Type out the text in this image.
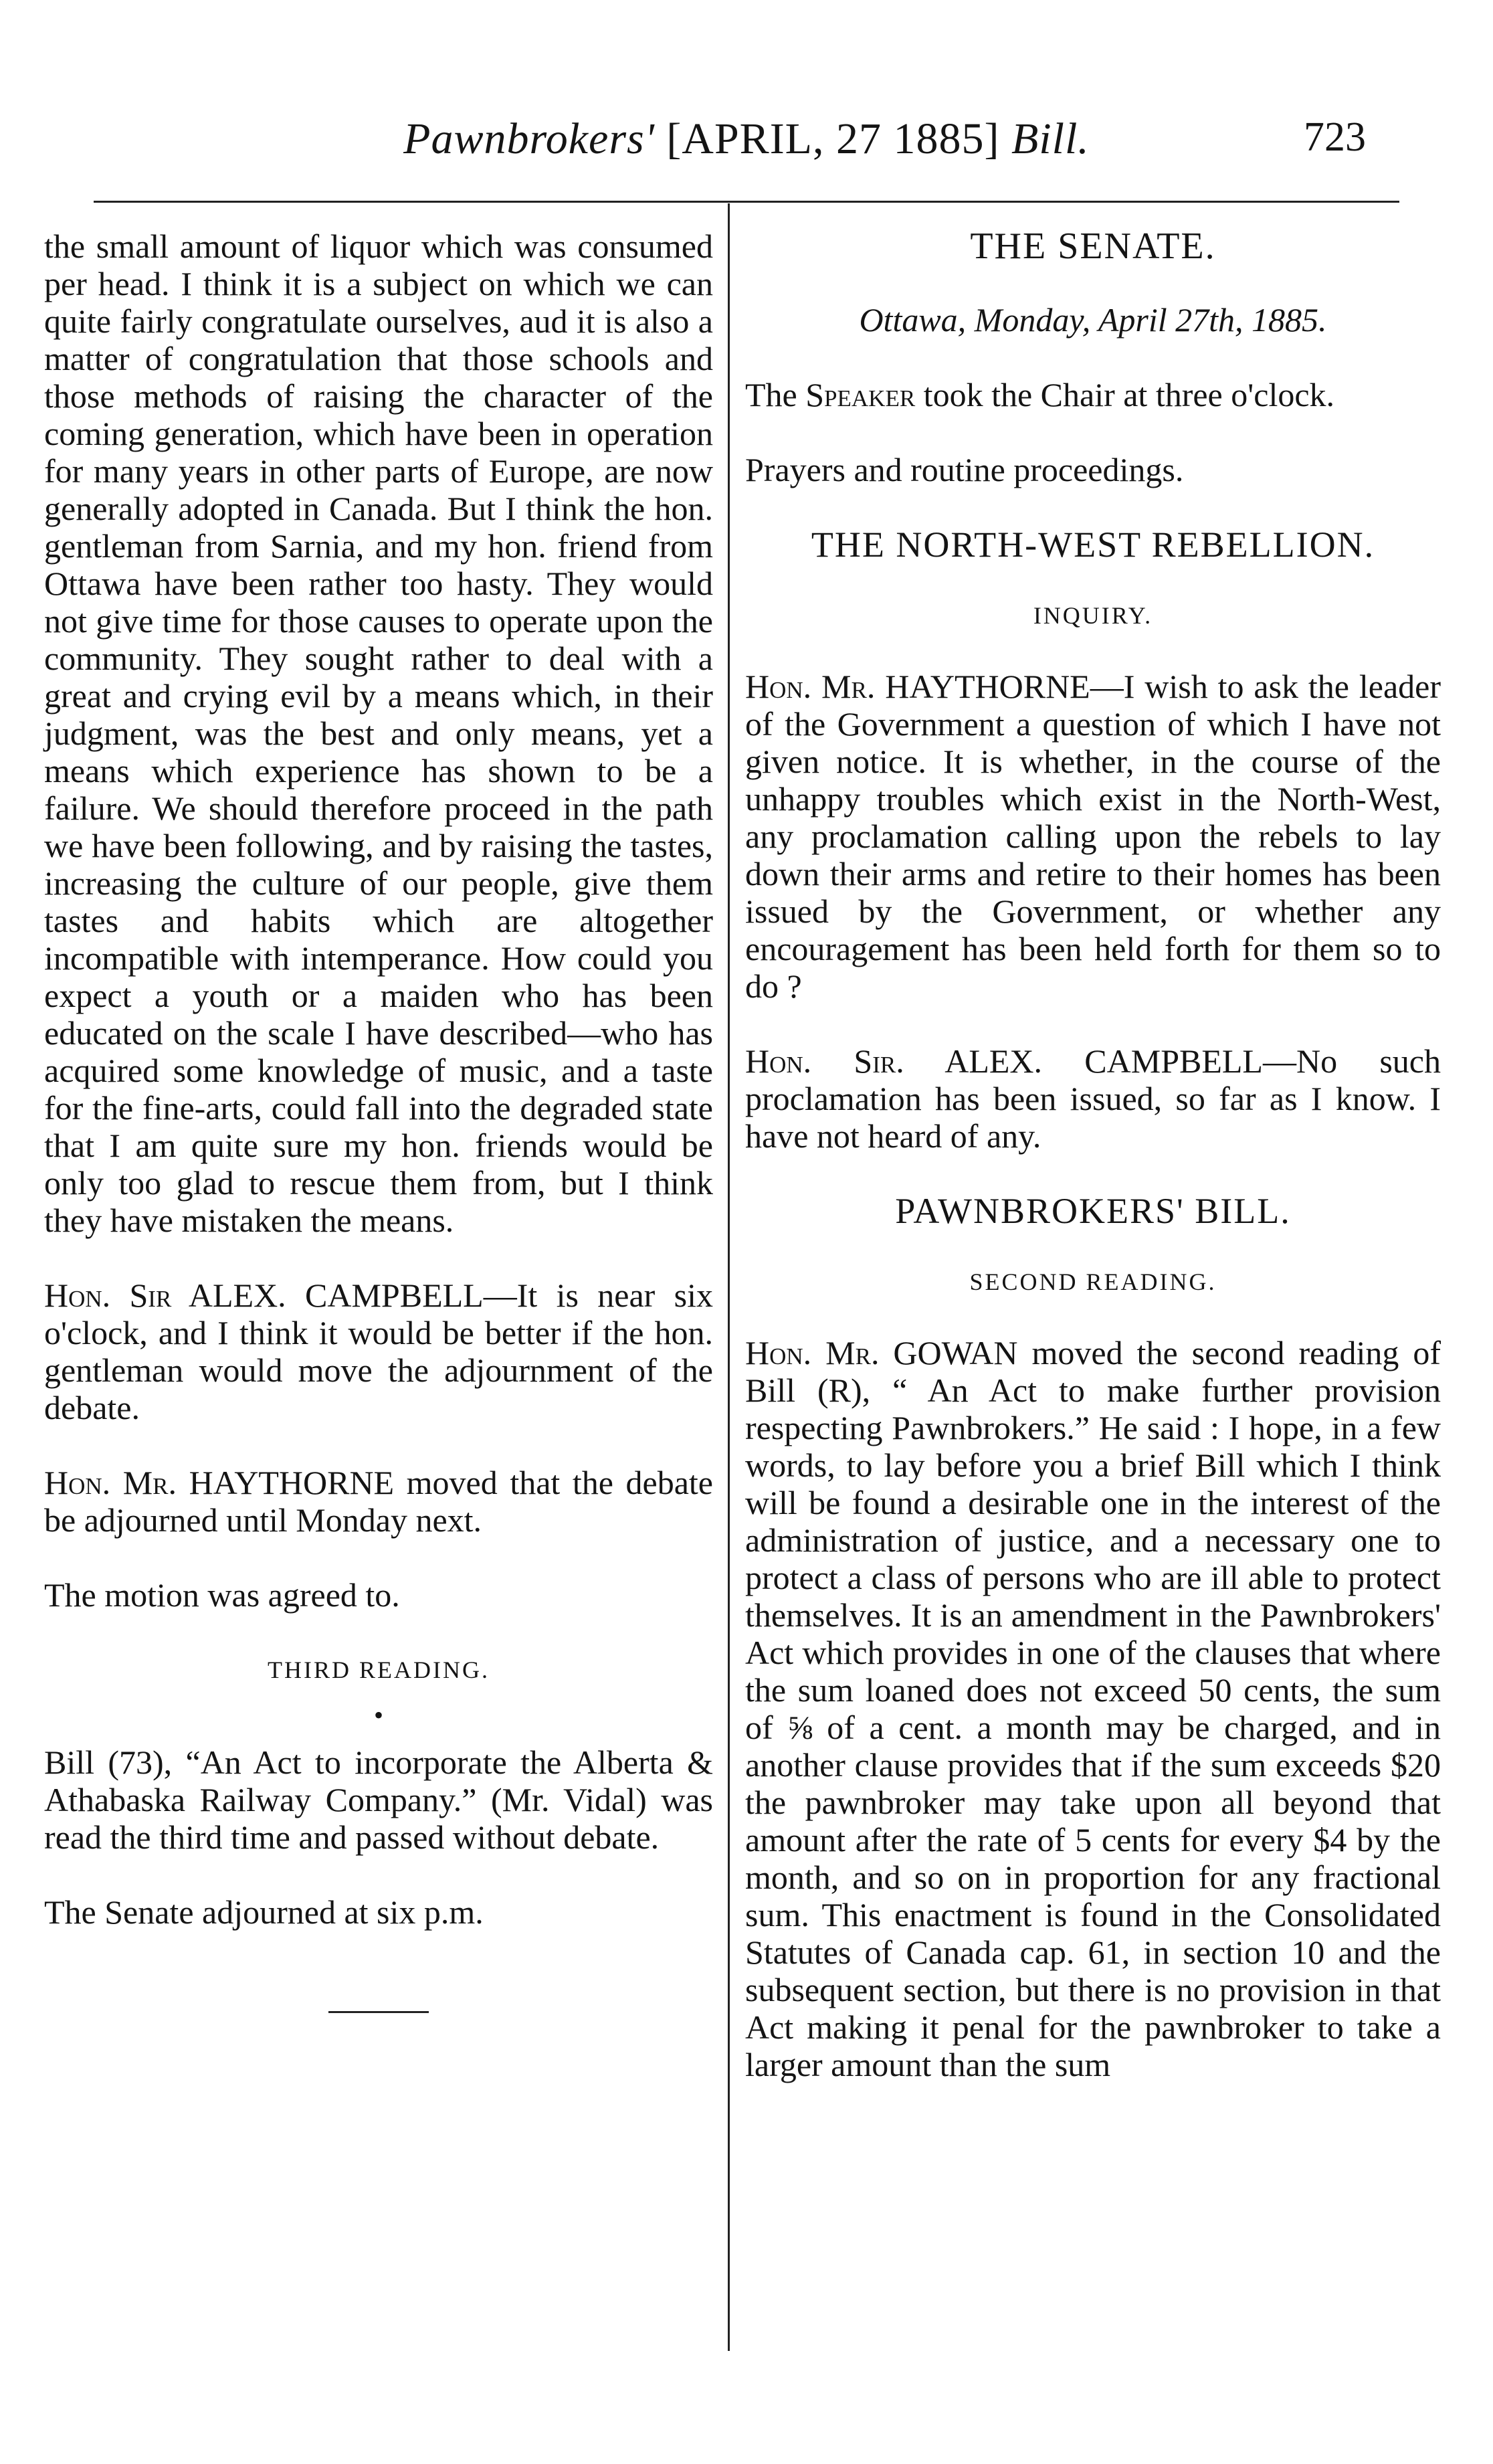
Pawnbrokers' [APRIL, 27 1885] Bill.	723

the small amount of liquor which was consumed per head. I think it is a subject on which we can quite fairly congratulate ourselves, aud it is also a matter of congratulation that those schools and those methods of raising the character of the coming generation, which have been in operation for many years in other parts of Europe, are now generally adopted in Canada. But I think the hon. gentleman from Sarnia, and my hon. friend from Ottawa have been rather too hasty. They would not give time for those causes to operate upon the community. They sought rather to deal with a great and crying evil by a means which, in their judgment, was the best and only means, yet a means which experience has shown to be a failure. We should therefore proceed in the path we have been following, and by raising the tastes, increasing the culture of our people, give them tastes and habits which are altogether incompatible with intemperance. How could you expect a youth or a maiden who has been educated on the scale I have described—who has acquired some knowledge of music, and a taste for the fine-arts, could fall into the degraded state that I am quite sure my hon. friends would be only too glad to rescue them from, but I think they have mistaken the means.

Hon. Sir ALEX. CAMPBELL—It is near six o'clock, and I think it would be better if the hon. gentleman would move the adjournment of the debate.

Hon. Mr. HAYTHORNE moved that the debate be adjourned until Monday next.

The motion was agreed to.

THIRD READING.
•

Bill (73), “An Act to incorporate the Alberta & Athabaska Railway Company.” (Mr. Vidal) was read the third time and passed without debate.

The Senate adjourned at six p.m.

THE SENATE.
Ottawa, Monday, April 27th, 1885.

The Speaker took the Chair at three o'clock.

Prayers and routine proceedings.

THE NORTH-WEST REBELLION.
INQUIRY.

Hon. Mr. HAYTHORNE—I wish to ask the leader of the Government a question of which I have not given notice. It is whether, in the course of the unhappy troubles which exist in the North-West, any proclamation calling upon the rebels to lay down their arms and retire to their homes has been issued by the Government, or whether any encouragement has been held forth for them so to do ?

Hon. Sir. ALEX. CAMPBELL—No such proclamation has been issued, so far as I know. I have not heard of any.

PAWNBROKERS' BILL.
SECOND READING.

Hon. Mr. GOWAN moved the second reading of Bill (R), “ An Act to make further provision respecting Pawnbrokers.” He said : I hope, in a few words, to lay before you a brief Bill which I think will be found a desirable one in the interest of the administration of justice, and a necessary one to protect a class of persons who are ill able to protect themselves. It is an amendment in the Pawnbrokers' Act which provides in one of the clauses that where the sum loaned does not exceed 50 cents, the sum of ⅝ of a cent. a month may be charged, and in another clause provides that if the sum exceeds $20 the pawnbroker may take upon all beyond that amount after the rate of 5 cents for every $4 by the month, and so on in proportion for any fractional sum. This enactment is found in the Consolidated Statutes of Canada cap. 61, in section 10 and the subsequent section, but there is no provision in that Act making it penal for the pawnbroker to take a larger amount than the sum
